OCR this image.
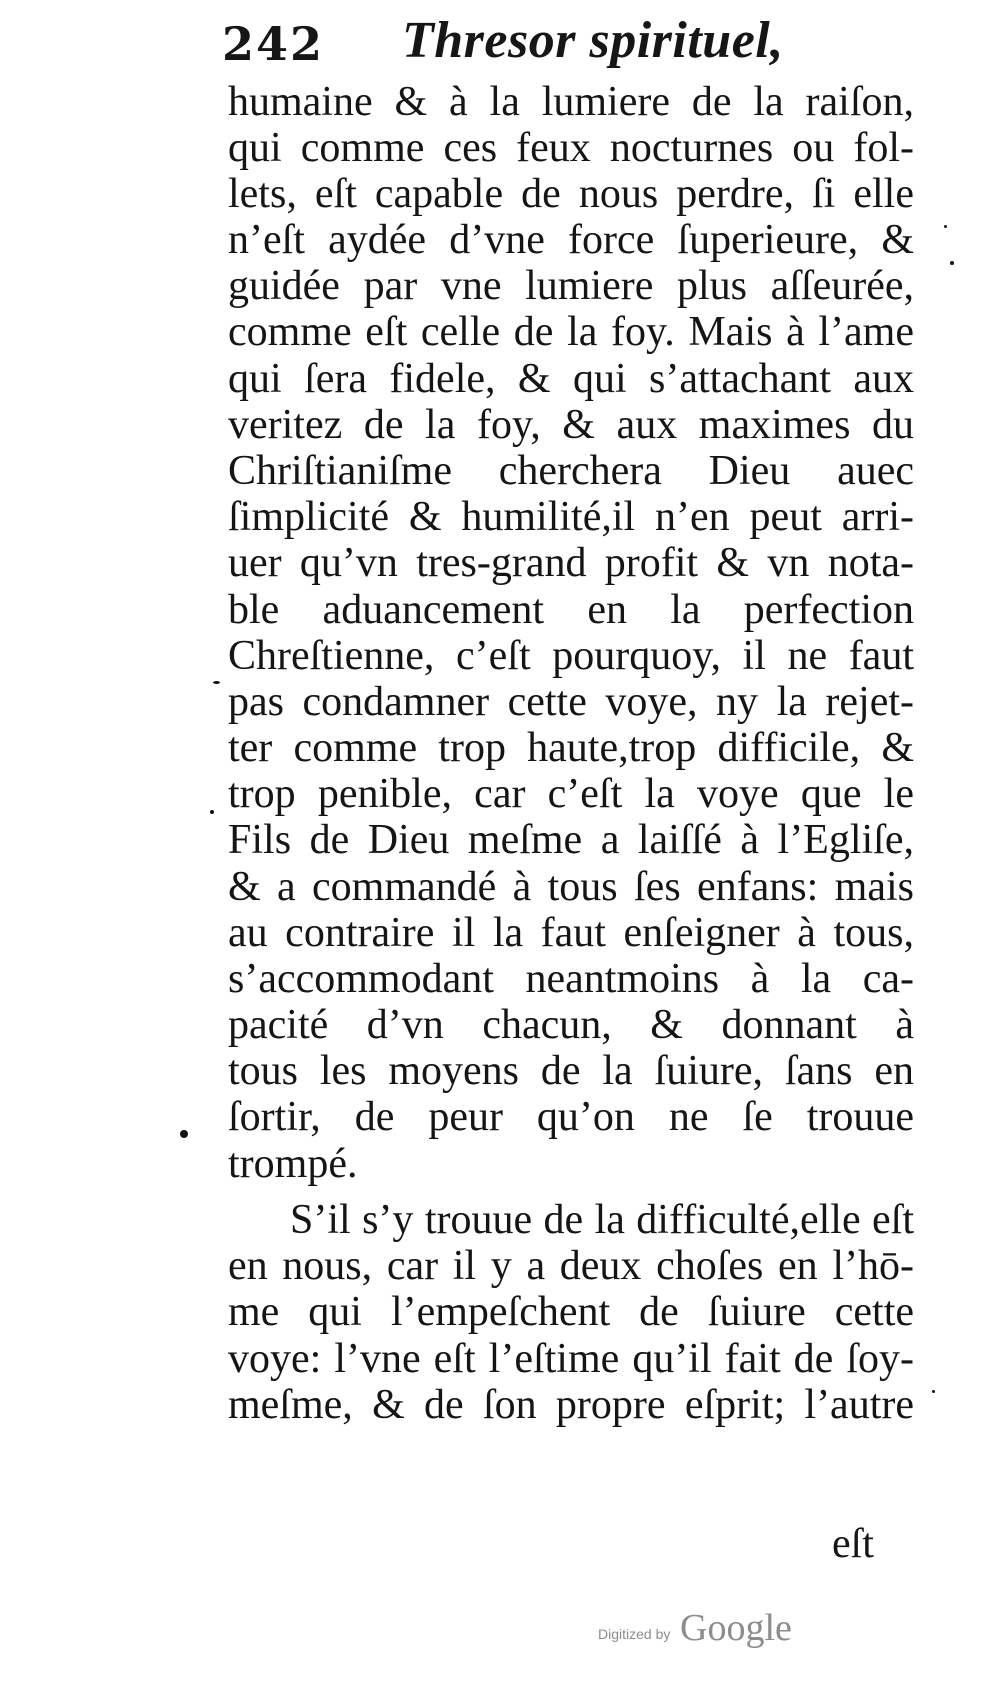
242 Thresor spirituel,
humaine & à la lumiere de la raiſon,
qui comme ces feux nocturnes ou fol-
lets, eſt capable de nous perdre, ſi elle
n’eſt aydée d’vne force ſuperieure, &
guidée par vne lumiere plus aſſeurée,
comme eſt celle de la foy. Mais à l’ame
qui ſera fidele, & qui s’attachant aux
veritez de la foy, & aux maximes du
Chriſtianiſme cherchera Dieu auec
ſimplicité & humilité,il n’en peut arri-
uer qu’vn tres-grand profit & vn nota-
ble aduancement en la perfection
Chreſtienne, c’eſt pourquoy, il ne faut
pas condamner cette voye, ny la rejet-
ter comme trop haute,trop difficile, &
trop penible, car c’eſt la voye que le
Fils de Dieu meſme a laiſſé à l’Egliſe,
& a commandé à tous ſes enfans: mais
au contraire il la faut enſeigner à tous,
s’accommodant neantmoins à la ca-
pacité d’vn chacun, & donnant à
tous les moyens de la ſuiure, ſans en
ſortir, de peur qu’on ne ſe trouue
trompé.
S’il s’y trouue de la difficulté,elle eſt
en nous, car il y a deux choſes en l’hō-
me qui l’empeſchent de ſuiure cette
voye: l’vne eſt l’eſtime qu’il fait de ſoy-
meſme, & de ſon propre eſprit; l’autre
eſt
Digitized by Google
